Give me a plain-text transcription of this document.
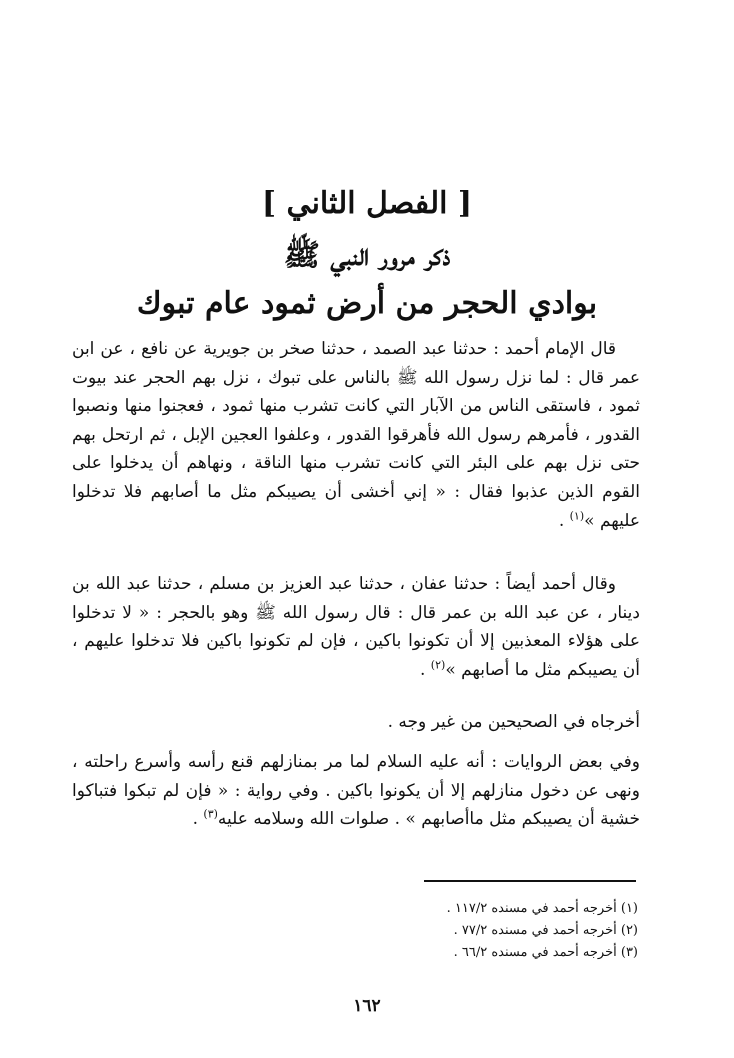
[ الفصل الثاني ]
ذكر مرور النبي ﷺ
بوادي الحجر من أرض ثمود عام تبوك
قال الإمام أحمد : حدثنا عبد الصمد ، حدثنا صخر بن جويرية عن نافع ، عن ابن عمر قال : لما نزل رسول الله ﷺ بالناس على تبوك ، نزل بهم الحجر عند بيوت ثمود ، فاستقى الناس من الآبار التي كانت تشرب منها ثمود ، فعجنوا منها ونصبوا القدور ، فأمرهم رسول الله فأهرقوا القدور ، وعلفوا العجين الإبل ، ثم ارتحل بهم حتى نزل بهم على البئر التي كانت تشرب منها الناقة ، ونهاهم أن يدخلوا على القوم الذين عذبوا فقال : « إني أخشى أن يصيبكم مثل ما أصابهم فلا تدخلوا عليهم »$^{(١)}$ .
وقال أحمد أيضاً : حدثنا عفان ، حدثنا عبد العزيز بن مسلم ، حدثنا عبد الله بن دينار ، عن عبد الله بن عمر قال : قال رسول الله ﷺ وهو بالحجر : « لا تدخلوا على هؤلاء المعذبين إلا أن تكونوا باكين ، فإن لم تكونوا باكين فلا تدخلوا عليهم ، أن يصيبكم مثل ما أصابهم »$^{(٢)}$ .
أخرجاه في الصحيحين من غير وجه .
وفي بعض الروايات : أنه عليه السلام لما مر بمنازلهم قنع رأسه وأسرع راحلته ، ونهى عن دخول منازلهم إلا أن يكونوا باكين . وفي رواية : « فإن لم تبكوا فتباكوا خشية أن يصيبكم مثل ماأصابهم » . صلوات الله وسلامه عليه$^{(٣)}$ .
(١) أخرجه أحمد في مسنده ١١٧/٢ .
(٢) أخرجه أحمد في مسنده ٧٧/٢ .
(٣) أخرجه أحمد في مسنده ٦٦/٢ .
١٦٢
